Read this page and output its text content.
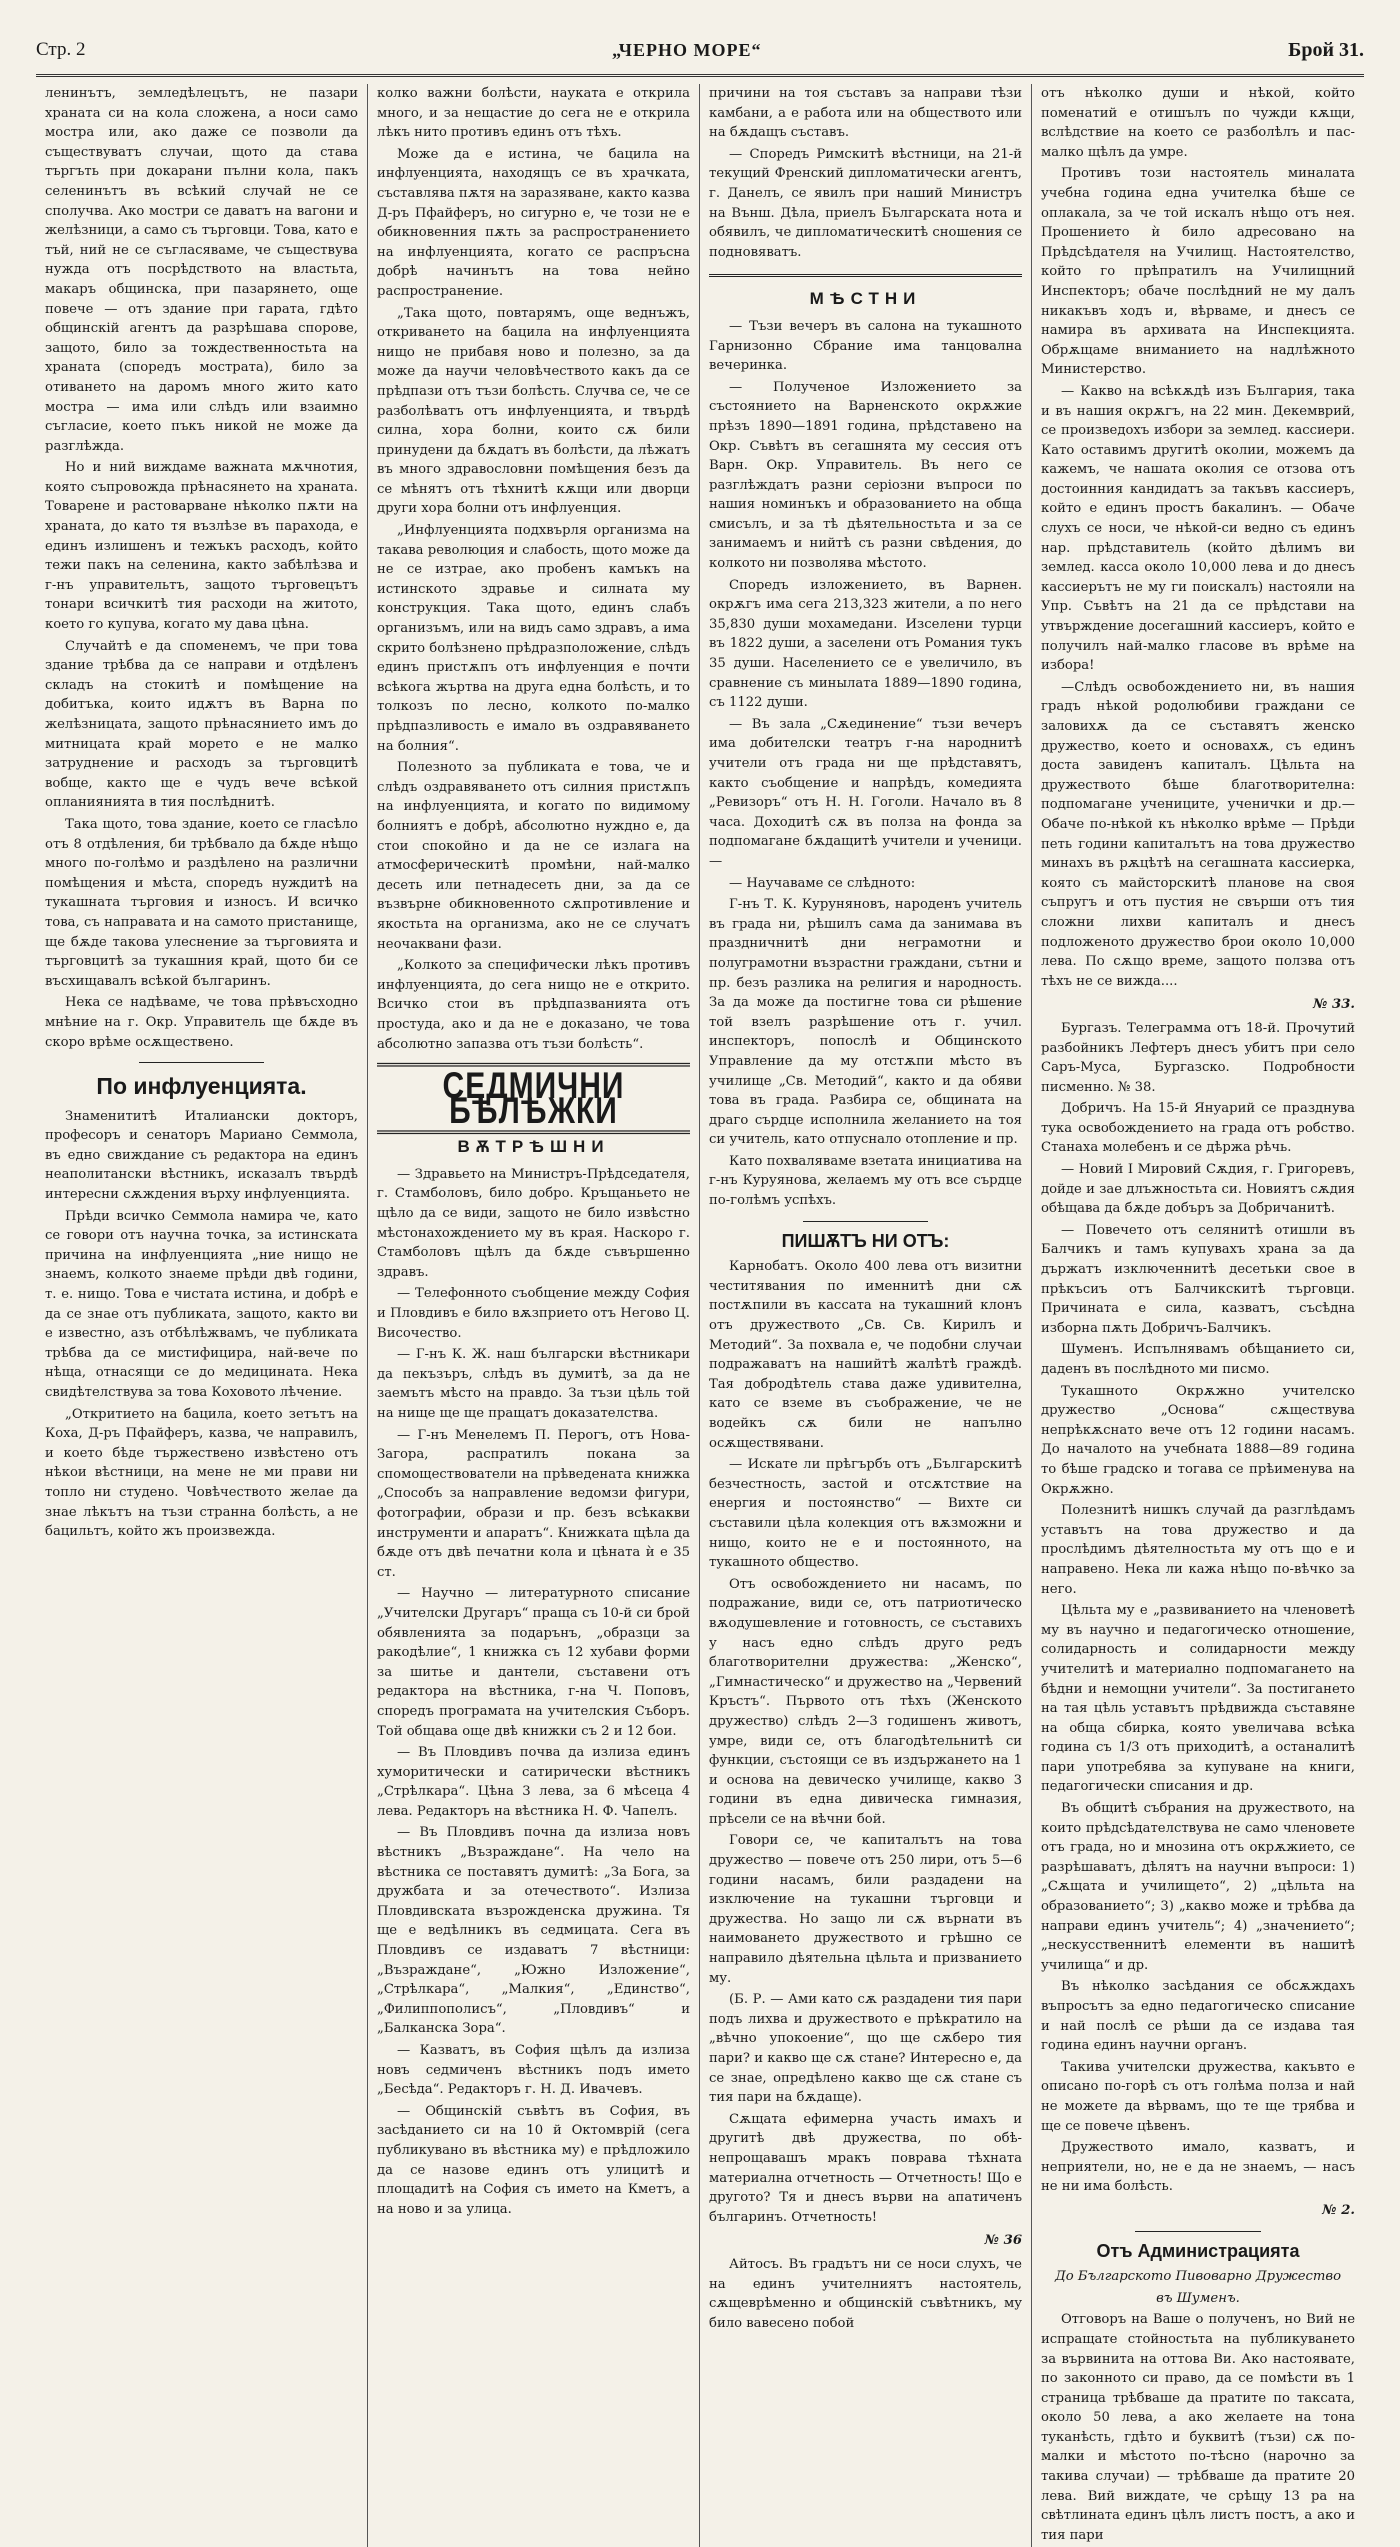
Стр. 2	„ЧЕРНО МОРЕ“	Брой 31.

ленинътъ, земледѣлецътъ, не пазари храната си на кола сложена, а носи само мостра или, ако даже се позволи да съществуватъ случаи, щото да става търгъть при докарани пълни кола, пакъ селенинътъ въ всѣкий случай не се сполучва. Ако мостри се даватъ на вагони и желѣзници, а само съ търговци. Това, като е тъй, ний не се съгласяваме, че съществува нужда отъ посрѣдството на властьта, макаръ общинска, при пазарянето, още повече — отъ здание при гарата, гдѣто общинскій агентъ да разрѣшава спорове, защото, било за тождественностьта на храната (споредъ мострата), било за отиването на даромъ много жито като мостра — има или слѣдъ или взаимно съгласие, което пъкъ никой не може да разглѣжда.

Но и ний виждаме важната мѫчнотия, която съпровожда прѣнасянето на храната. Товарене и растоварване нѣколко пѫти на храната, до като тя възлѣзе въ парахода, е единъ излишенъ и тежъкъ расходъ, който тежи пакъ на селенина, както забѣлѣзва и г-нъ управительтъ, защото търговецътъ тонари всичкитѣ тия расходи на житото, което го купува, когато му дава цѣна.

Случайтѣ е да споменемъ, че при това здание трѣбва да се направи и отдѣленъ складъ на стокитѣ и помѣщение на добитъка, които идѫтъ въ Варна по желѣзницата, защото прѣнасянието имъ до митницата край морето е не малко затруднение и расходъ за търговцитѣ вобще, както ще е чудъ вече всѣкой опланиянията в тия послѣднитѣ.

Така щото, това здание, което се гласѣло отъ 8 отдѣления, би трѣбвало да бѫде нѣщо много по-голѣмо и раздѣлено на различни помѣщения и мѣста, споредъ нуждитѣ на тукашната търговия и износъ. И всичко това, съ направата и на самото пристанище, ще бѫде такова улеснение за търговията и търговцитѣ за тукашния край, щото би се въсхищавалъ всѣкой българинъ.

Нека се надѣваме, че това прѣвъсходно мнѣние на г. Окр. Управитель ще бѫде въ скоро врѣме осѫществено.

По инфлуенцията.

Знаменититѣ Италиански докторъ, професоръ и сенаторъ Мариано Семмола, въ едно свиждание съ редактора на единъ неаполитански вѣстникъ, исказалъ твърдѣ интересни сѫждения върху инфлуенцията.

Прѣди всичко Семмола намира че, като се говори отъ научна точка, за истинската причина на инфлуенцията „ние нищо не знаемъ, колкото знаеме прѣди двѣ години, т. е. нищо. Това е чистата истина, и добрѣ е да се знае отъ публиката, защото, както ви е известно, азъ отбѣлѣжвамъ, че публиката трѣбва да се мистифицира, най-вече по нѣща, отнасящи се до медицината. Нека свидѣтелствува за това Коховото лѣчение.

„Откритието на бацила, което зетътъ на Коха, Д-ръ Пфайферъ, казва, че направилъ, и което бѣде тържествено извѣстено отъ нѣкои вѣстници, на мене не ми прави ни топло ни студено. Човѣчеството желае да знае лѣкътъ на тъзи странна болѣсть, а не бацильтъ, който жъ произвежда.

колко важни болѣсти, науката е открила много, и за нещастие до сега не е открила лѣкъ нито противъ единъ отъ тѣхъ.

Може да е истина, че бацила на инфлуенцията, находящъ се въ храчката, съставлява пѫтя на заразяване, както казва Д-ръ Пфайферъ, но сигурно е, че този не е обикновенния пѫть за распространението на инфлуенцията, когато се распръсна добрѣ начинътъ на това нейно распространение.

„Така щото, повтарямъ, още веднъжъ, откриването на бацила на инфлуенцията нищо не прибавя ново и полезно, за да може да научи человѣчеството какъ да се прѣдпази отъ тъзи болѣсть. Случва се, че се разболѣватъ отъ инфлуенцията, и твърдѣ силна, хора болни, които сѫ били принудени да бѫдатъ въ болѣсти, да лѣжатъ въ много здравословни помѣщения безъ да се мѣнятъ отъ тѣхнитѣ кѫщи или дворци други хора болни отъ инфлуенция.

„Инфлуенцията подхвърля организма на такава революция и слабость, щото може да не се изтрае, ако пробенъ камъкъ на истинското здравье и силната му конструкция. Така щото, единъ слабъ организъмъ, или на видъ само здравъ, а има скрито болѣзнено прѣдразположение, слѣдъ единъ пристѫпъ отъ инфлуенция е почти всѣкога жъртва на друга една болѣсть, и то толкозъ по лесно, колкото по-малко прѣдпазливость е имало въ оздравяването на болния“.

Полезното за публиката е това, че и слѣдъ оздравяването отъ силния пристѫпъ на инфлуенцията, и когато по видимому болниятъ е добрѣ, абсолютно нуждно е, да стои спокойно и да не се излага на атмосферическитѣ промѣни, най-малко десеть или петнадесеть дни, за да се възвърне обикновенното сѫпротивление и якостьта на организма, ако не се случатъ неочаквани фази.

„Колкото за специфически лѣкъ противъ инфлуенцията, до сега нищо не е открито. Всичко стои въ прѣдпазванията отъ простуда, ако и да не е доказано, че това абсолютно запазва отъ тъзи болѣсть“.

СЕДМИЧНИ БѢЛѢЖКИ
ВѪТРѢШНИ

— Здравьето на Министръ-Прѣдседателя, г. Стамболовъ, било добро. Кръщаньето не щѣло да се види, защото не било извѣстно мѣстонахождението му въ края. Наскоро г. Стамболовъ щѣлъ да бѫде съвършенно здравъ.

— Телефонното съобщение между София и Пловдивъ е било вѫзприето отъ Негово Ц. Височество.

— Г-нъ К. Ж. наш български вѣстникари да пекъзъръ, слѣдъ въ думитѣ, за да не заемътъ мѣсто на правдо. За тъзи цѣль той на нище ще ще пращатъ доказателства.

— Г-нъ Менелемъ П. Перогъ, отъ Нова-Загора, распратилъ покана за спомоществователи на прѣведената книжка „Способъ за направление ведомзи фигури, фотографии, образи и пр. безъ всѣкакви инструменти и апаратъ“. Книжката щѣла да бѫде отъ двѣ печатни кола и цѣната ѝ е 35 ст.

— Научно — литературното списание „Учителски Другаръ“ праща съ 10-й си брой обявленията за подарънъ, „образци за ракодѣлие“, 1 книжка съ 12 хубави форми за шитье и дантели, съставени отъ редактора на вѣстника, г-на Ч. Поповъ, споредъ програмата на учителския Съборъ. Той общава още двѣ книжки съ 2 и 12 бои.

— Въ Пловдивъ почва да излиза единъ хуморитически и сатирически вѣстникъ „Стрѣлкара“. Цѣна 3 лева, за 6 мѣсеца 4 лева. Редакторъ на вѣстника Н. Ф. Чапелъ.

— Въ Пловдивъ почна да излиза новъ вѣстникъ „Възраждане“. На чело на вѣстника се поставятъ думитѣ: „За Бога, за дружбата и за отечеството“. Излиза Пловдивската възрожденска дружина. Тя ще е ведѣлникъ въ седмицата. Сега въ Пловдивъ се издаватъ 7 вѣстници: „Възраждане“, „Южно Изложение“, „Стрѣлкара“, „Малкия“, „Единство“, „Филиппополисъ“, „Пловдивъ“ и „Балканска Зора“.

— Казватъ, въ София щѣлъ да излиза новъ седмиченъ вѣстникъ подъ името „Бесѣда“. Редакторъ г. Н. Д. Ивачевъ.

— Общинскій съвѣтъ въ София, въ засѣданието си на 10 й Октомврій (сега публикувано въ вѣстника му) е прѣдложило да се назове единъ отъ улицитѣ и площадитѣ на София съ името на Кметъ, а на ново и за улица.

причини на тоя съставъ за направи тѣзи камбани, а е работа или на обществото или на бѫдащъ съставъ.

— Споредъ Римскитѣ вѣстници, на 21-й текущий Френский дипломатически агентъ, г. Данелъ, се явилъ при наший Министръ на Външ. Дѣла, приелъ Българската нота и обявилъ, че дипломатическитѣ сношения се подновяватъ.

МѢСТНИ

— Тъзи вечеръ въ салона на тукашното Гарнизонно Сбрание има танцовална вечеринка.

— Полученое Изложението за състоянието на Варненското окрѫжие прѣзъ 1890—1891 година, прѣдставено на Окр. Съвѣтъ въ сегашнята му сессия отъ Варн. Окр. Управитель. Въ него се разглѣждатъ разни серiозни въпроси по нашия номинъкъ и образованието на обща смисълъ, и за тѣ дѣятельностьта и за се занимаемъ и нийтѣ съ разни свѣдения, до колкото ни позволява мѣстото.

Споредъ изложението, въ Варнен. окрѫгъ има сега 213,323 жители, а по него 35,830 души мохамедани. Изселени турци въ 1822 души, а заселени отъ Романия тукъ 35 души. Населението се е увеличило, въ сравнение съ минылата 1889—1890 година, съ 1122 души.

— Въ зала „Сѫединение“ тъзи вечеръ има добителски театръ г-на народнитѣ учители отъ града ни ще прѣдставятъ, както съобщение и напрѣдъ, комедията „Ревизоръ“ отъ Н. Н. Гоголи. Начало въ 8 часа. Доходитѣ сѫ въ полза на фонда за подпомагане бѫдащитѣ учители и ученици.—

— Научаваме се слѣдното:

Г-нъ Т. К. Куруняновъ, народенъ учитель въ града ни, рѣшилъ сама да занимава въ праздничнитѣ дни неграмотни и полуграмотни възрастни граждани, сътни и пр. безъ разлика на религия и народность. За да може да постигне това си рѣшение той взелъ разрѣшение отъ г. учил. инспекторъ, попослѣ и Общинското Управление да му отстѫпи мѣсто въ училище „Св. Методий“, както и да обяви това въ града. Разбира се, общината на драго сърдце исполнила желанието на тоя си учитель, като отпуснало отопление и пр.

Като похваляваме взетата инициатива на г-нъ Куруянова, желаемъ му отъ все сърдце по-голѣмъ успѣхъ.

ПИШѪТЪ НИ ОТЪ:

Карнобатъ. Около 400 лева отъ визитни честитявания по именнитѣ дни сѫ постѫпили въ кассата на тукашний клонъ отъ дружеството „Св. Св. Кирилъ и Методий“. За похвала е, че подобни случаи подражаватъ на нашийтѣ жалѣтѣ граждѣ. Тая добродѣтель става даже удивителна, като се вземе въ съображение, че не водейкъ сѫ били не напълно осѫществявани.

— Искате ли прѣгърбъ отъ „Българскитѣ безчестность, застой и отсѫтствие на енергия и постоянство“ — Вихте си съставили цѣла колекция отъ вѫзможни и нищо, които не е и постоянното, на тукашното общество.

Отъ освобождението ни насамъ, по подражание, види се, отъ патриотическо вѫодушевление и готовность, се съставихъ у насъ едно слѣдъ друго редъ благотворителни дружества: „Женско“, „Гимнастическо“ и дружество на „Червений Кръстъ“. Първото отъ тѣхъ (Женското дружество) слѣдъ 2—3 годишенъ животъ, умре, види се, отъ благодѣтельнитѣ си функции, състоящи се въ издържането на 1 и основа на девическо училище, какво 3 години въ една дивическа гимназия, прѣсели се на вѣчни бой.

Говори се, че капиталътъ на това дружество — повече отъ 250 лири, отъ 5—6 години насамъ, били раздадени на изключение на тукашни търговци и дружества. Но защо ли сѫ върнати въ наимоването дружеството и грѣшно се направило дѣятельна цѣльта и призванието му.

(Б. Р. — Ами като сѫ раздадени тия пари подъ лихва и дружеството е прѣкратило на „вѣчно упокоение“, що ще сѫберо тия пари? и какво ще сѫ стане? Интересно е, да се знае, опредѣлено какво ще сѫ стане съ тия пари на бѫдаще).

Сѫщата ефимерна участь имахъ и другитѣ двѣ дружества, по обѣ-непрощавашъ мракъ поврава тѣхната материална отчетность — Отчетность! Що е другото? Тя и днесъ върви на апатиченъ българинъ. Отчетность!

№ 36

Айтосъ. Въ градътъ ни се носи слухъ, че на единъ учителниятъ настоятель, сѫщеврѣменно и общинскій съвѣтникъ, му било вавесено побой

отъ нѣколко души и нѣкой, който поменатий е отишълъ по чужди кѫщи, вслѣдствие на което се разболѣлъ и пас-малко щѣлъ да умре.

Противъ този настоятель миналата учебна година една учителка бѣше се оплакала, за че той искалъ нѣщо отъ нея. Прошението ѝ било адресовано на Прѣдсѣдателя на Училищ. Настоятелство, който го прѣпратилъ на Училищний Инспекторъ; обаче послѣдний не му далъ никакъвъ ходъ и, вѣрваме, и днесъ се намира въ архивата на Инспекцията. Обрѫщаме вниманието на надлѣжното Министерство.

— Какво на всѣкѫдѣ изъ България, така и въ нашия окрѫгъ, на 22 мин. Декемврий, се произведохъ избори за землед. кассиери. Като оставимъ другитѣ околии, можемъ да кажемъ, че нашата околия се отзова отъ достоинния кандидатъ за такъвъ кассиеръ, който е единъ простъ бакалинъ. — Обаче слухъ се носи, че нѣкой-си ведно съ единъ нар. прѣдставитель (който дѣлимъ ви землед. касса около 10,000 лева и до днесъ кассиерътъ не му ги поискалъ) настояли на Упр. Съвѣтъ на 21 да се прѣдстави на утвърждение досегашний кассиеръ, който е получилъ най-малко гласове въ врѣме на избора!

—Слѣдъ освобождението ни, въ нашия градъ нѣкой родолюбиви граждани се заловихѫ да се съставятъ женско дружество, което и основахѫ, съ единъ доста завиденъ капиталъ. Цѣльта на дружеството бѣше благотворителна: подпомагане учениците, ученички и др.— Обаче по-нѣкой къ нѣколко врѣме — Прѣди петь години капиталътъ на това дружество минахъ въ рѫцѣтѣ на сегашната кассиерка, която съ майсторскитѣ планове на своя съпругъ и отъ пустия не свърши отъ тия сложни лихви капиталъ и днесъ подложеното дружество брои около 10,000 лева. По сѫщо време, защото ползва отъ тѣхъ не се вижда....

№ 33.

Бургазъ. Телеграмма отъ 18-й. Прочутий разбойникъ Лефтеръ днесъ убитъ при село Саръ-Муса, Бургазско. Подробности писменно. № 38.

Добричъ. На 15-й Януарий се празднува тука освобождението на града отъ робство. Станаха молебенъ и се дѣржа рѣчь.

— Новий I Мировий Сѫдия, г. Григоревъ, дойде и зае длъжностьта си. Новиятъ сѫдия обѣщава да бѫде добъръ за Добричанитѣ.

— Повечето отъ селянитѣ отишли въ Балчикъ и тамъ купувахъ храна за да държатъ изключеннитѣ десетьки свое в прѣкъсиъ отъ Балчикскитѣ търговци. Причината е сила, казватъ, съсѣдна изборна пѫть Добричъ-Балчикъ.

Шуменъ. Испълнявамъ обѣщанието си, даденъ въ послѣдното ми писмо.

Тукашното Окрѫжно учителско дружество „Основа“ сѫществува непрѣкѫснато вече отъ 12 години насамъ. До началото на учебната 1888—89 година то бѣше градско и тогава се прѣименува на Окрѫжно.

Полезнитѣ нишкъ случай да разглѣдамъ уставътъ на това дружество и да прослѣдимъ дѣятелностьта му отъ що е и направено. Нека ли кажа нѣщо по-вѣчко за него.

Цѣльта му е „развиванието на членоветѣ му въ научно и педагогическо отношение, солидарность и солидарности между учителитѣ и материално подпомагането на бѣдни и немощни учители“. За постигането на тая цѣль уставътъ прѣдвижда съставяне на обща сбирка, която увеличава всѣка година съ 1/3 отъ приходитѣ, а останалитѣ пари употребява за купуване на книги, педагогически списания и др.

Въ общитѣ събрания на дружеството, на които прѣдсѣдателствува не само членовете отъ града, но и мнозина отъ окрѫжието, се разрѣшаватъ, дѣлятъ на научни въпроси: 1) „Сѫщата и училището“, 2) „цѣльта на образованието“; 3) „какво може и трѣбва да направи единъ учитель“; 4) „значението“; „нескусственнитѣ елементи въ нашитѣ училища“ и др.

Въ нѣколко засѣдания се обсѫждахъ въпросътъ за едно педагогическо списание и най послѣ се рѣши да се издава тая година единъ научни органъ.

Такива учителски дружества, какъвто е описано по-горѣ съ отъ голѣма полза и най не можете да вѣрвамъ, що те ще трябва и ще се повече цѣвенъ.

Дружеството имало, казватъ, и неприятели, но, не е да не знаемъ, — насъ не ни има болѣсть.

№ 2.
Отъ Администрацията
До Българското Пивоварно Дружество
въ Шуменъ.

Отговоръ на Ваше о полученъ, но Вий не испращате стойностьта на публикуването за вървинита на оттова Ви. Ако настоявате, по законното си право, да се помѣсти въ 1 страница трѣбваше да пратите по таксата, около 50 лева, а ако желаете на тона туканѣсть, гдѣто и буквитѣ (тъзи) сѫ по-малки и мѣстото по-тѣсно (нарочно за такива случаи) — трѣбваше да пратите 20 лева. Вий виждате, че срѣщу 13 ра на свѣтлината единъ цѣлъ листъ постъ, а ако и тия пари
